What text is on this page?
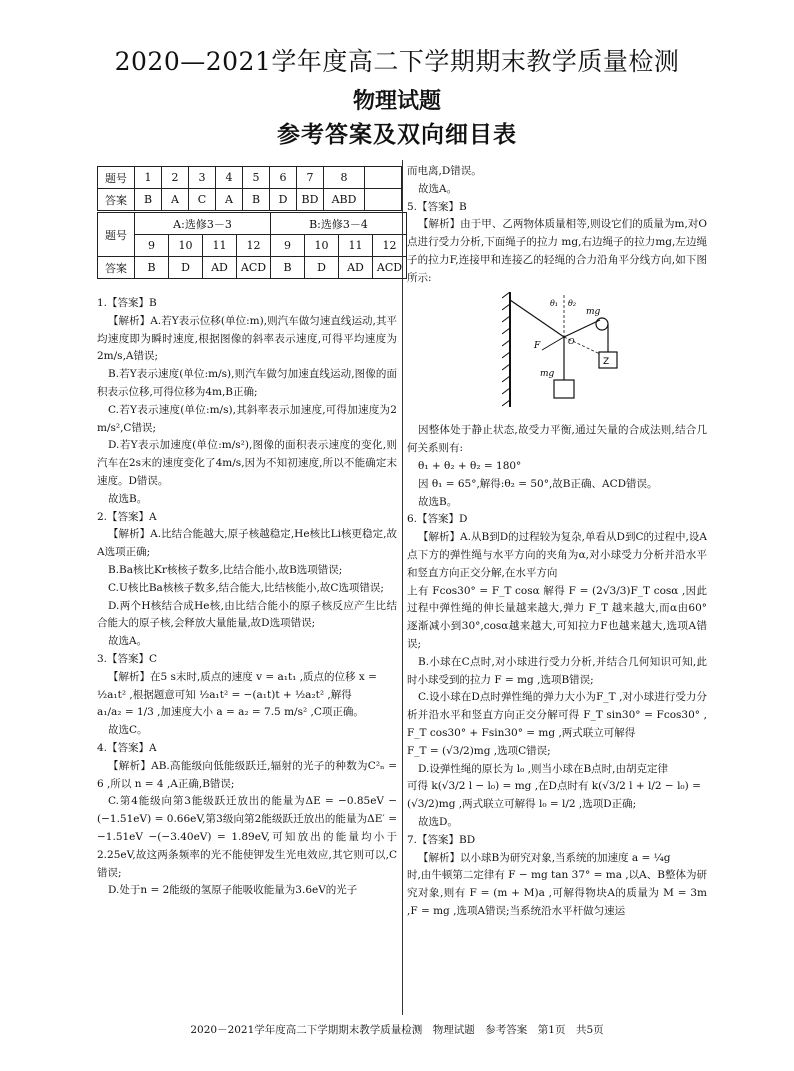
2020—2021学年度高二下学期期末教学质量检测
物理试题
参考答案及双向细目表
题号	1	2	3	4	5	6	7	8	
答案	B	A	C	A	B	D	BD	ABD	
题号	A:选修3－3				B:选修3－4			
	9	10	11	12	9	10	11	12
答案	B	D	AD	ACD	B	D	AD	ACD

1.【答案】B

【解析】A.若Y表示位移(单位:m),则汽车做匀速直线运动,其平均速度即为瞬时速度,根据图像的斜率表示速度,可得平均速度为2m/s,A错误;

B.若Y表示速度(单位:m/s),则汽车做匀加速直线运动,图像的面积表示位移,可得位移为4m,B正确;

C.若Y表示速度(单位:m/s),其斜率表示加速度,可得加速度为2 m/s²,C错误;

D.若Y表示加速度(单位:m/s²),图像的面积表示速度的变化,则汽车在2s末的速度变化了4m/s,因为不知初速度,所以不能确定末速度。D错误。

故选B。

2.【答案】A

【解析】A.比结合能越大,原子核越稳定,He核比Li核更稳定,故A选项正确;

B.Ba核比Kr核核子数多,比结合能小,故B选项错误;

C.U核比Ba核核子数多,结合能大,比结核能小,故C选项错误;

D.两个H核结合成He核,由比结合能小的原子核反应产生比结合能大的原子核,会释放大量能量,故D选项错误;

故选A。

3.【答案】C

【解析】在5 s末时,质点的速度 v = a₁t₁ ,质点的位移 x =

½a₁t² ,根据题意可知 ½a₁t² = −(a₁t)t + ½a₂t² ,解得

a₁/a₂ = 1/3 ,加速度大小 a = a₂ = 7.5 m/s² ,C项正确。

故选C。

4.【答案】A

【解析】AB.高能级向低能级跃迁,辐射的光子的种数为C²ₙ = 6 ,所以 n = 4 ,A正确,B错误;

C.第4能级向第3能级跃迁放出的能量为ΔE = −0.85eV −(−1.51eV) = 0.66eV,第3级向第2能级跃迁放出的能量为ΔE′ = −1.51eV −(−3.40eV) = 1.89eV,可知放出的能量均小于2.25eV,故这两条频率的光不能使钾发生光电效应,其它则可以,C错误;

D.处于n = 2能级的氢原子能吸收能量为3.6eV的光子

而电离,D错误。

故选A。

5.【答案】B

【解析】由于甲、乙两物体质量相等,则设它们的质量为m,对O点进行受力分析,下面绳子的拉力 mg,右边绳子的拉力mg,左边绳子的拉力F,连接甲和连接乙的轻绳的合力沿角平分线方向,如下图所示:

θ₁ θ₂
mg
F	O
mg
Z

因整体处于静止状态,故受力平衡,通过矢量的合成法则,结合几何关系则有:

θ₁ + θ₂ + θ₂ = 180°

因 θ₁ = 65°,解得:θ₂ = 50°,故B正确、ACD错误。

故选B。

6.【答案】D

【解析】A.从B到D的过程较为复杂,单看从D到C的过程中,设A点下方的弹性绳与水平方向的夹角为α,对小球受力分析并沿水平和竖直方向正交分解,在水平方向

上有 Fcos30° = F_T cosα 解得 F = (2√3/3)F_T cosα ,因此过程中弹性绳的伸长量越来越大,弹力 F_T 越来越大,而α由60°逐渐减小到30°,cosα越来越大,可知拉力F也越来越大,选项A错误;

B.小球在C点时,对小球进行受力分析,并结合几何知识可知,此时小球受到的拉力 F = mg ,选项B错误;

C.设小球在D点时弹性绳的弹力大小为F_T ,对小球进行受力分析并沿水平和竖直方向正交分解可得 F_T sin30° = Fcos30° , F_T cos30° + Fsin30° = mg ,两式联立可解得

F_T = (√3/2)mg ,选项C错误;

D.设弹性绳的原长为 l₀ ,则当小球在B点时,由胡克定律

可得 k(√3/2 l − l₀) = mg ,在D点时有 k(√3/2 l + l/2 − l₀) =

(√3/2)mg ,两式联立可解得 l₀ = l/2 ,选项D正确;

故选D。

7.【答案】BD

【解析】以小球B为研究对象,当系统的加速度 a = ¼g

时,由牛顿第二定律有 F − mg tan 37° = ma ,以A、B整体为研究对象,则有 F = (m + M)a ,可解得物块A的质量为 M = 3m ,F = mg ,选项A错误;当系统沿水平杆做匀速运

2020－2021学年度高二下学期期末教学质量检测　物理试题　参考答案　第1页　共5页
